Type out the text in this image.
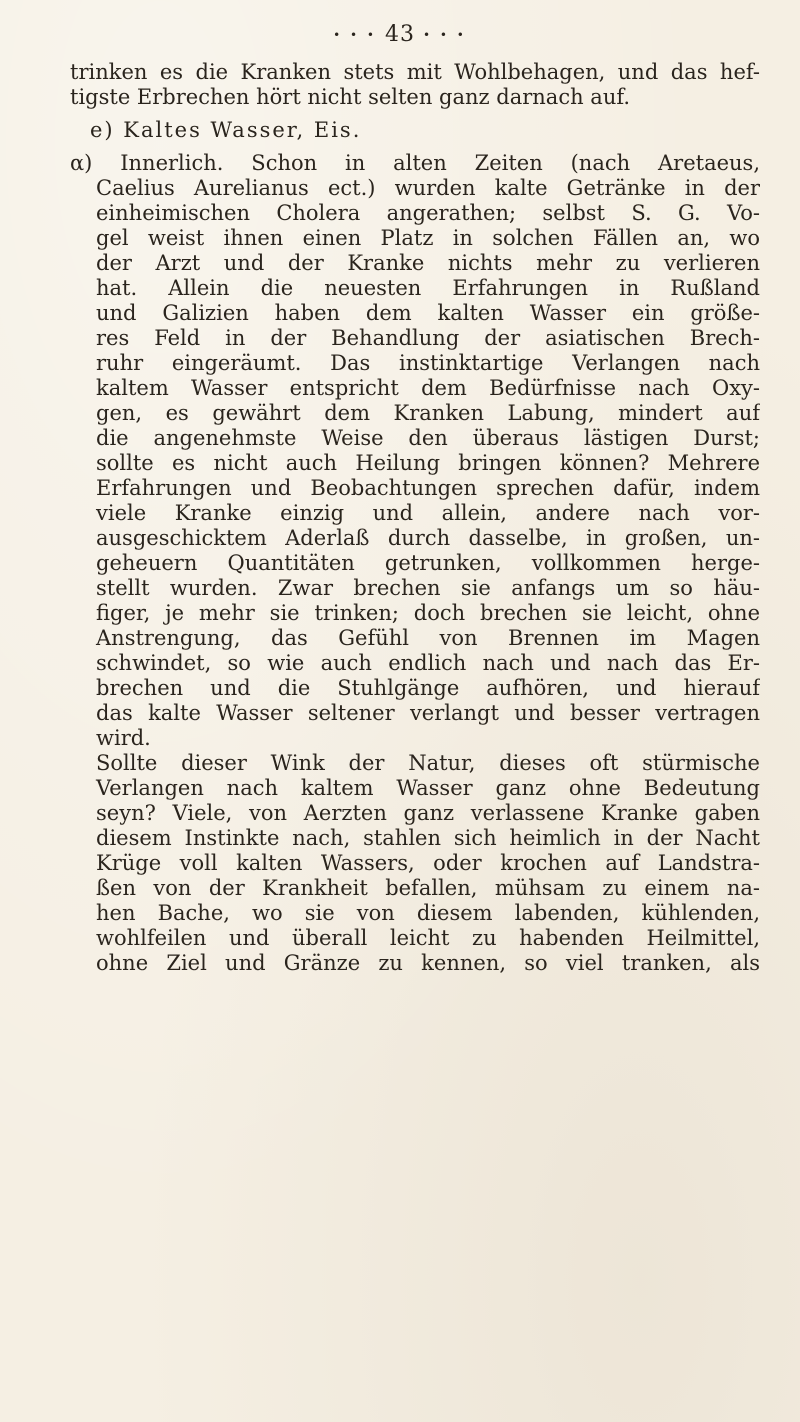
• • • 43 • • •
trinken es die Kranken stets mit Wohlbehagen, und das hef-
tigste Erbrechen hört nicht selten ganz darnach auf.
e) Kaltes Wasser, Eis.
α) Innerlich. Schon in alten Zeiten (nach Aretaeus,
Caelius Aurelianus ect.) wurden kalte Getränke in der
einheimischen Cholera angerathen; selbst S. G. Vo-
gel weist ihnen einen Platz in solchen Fällen an, wo
der Arzt und der Kranke nichts mehr zu verlieren
hat. Allein die neuesten Erfahrungen in Rußland
und Galizien haben dem kalten Wasser ein größe-
res Feld in der Behandlung der asiatischen Brech-
ruhr eingeräumt. Das instinktartige Verlangen nach
kaltem Wasser entspricht dem Bedürfnisse nach Oxy-
gen, es gewährt dem Kranken Labung, mindert auf
die angenehmste Weise den überaus lästigen Durst;
sollte es nicht auch Heilung bringen können? Mehrere
Erfahrungen und Beobachtungen sprechen dafür, indem
viele Kranke einzig und allein, andere nach vor-
ausgeschicktem Aderlaß durch dasselbe, in großen, un-
geheuern Quantitäten getrunken, vollkommen herge-
stellt wurden. Zwar brechen sie anfangs um so häu-
figer, je mehr sie trinken; doch brechen sie leicht, ohne
Anstrengung, das Gefühl von Brennen im Magen
schwindet, so wie auch endlich nach und nach das Er-
brechen und die Stuhlgänge aufhören, und hierauf
das kalte Wasser seltener verlangt und besser vertragen
wird.
Sollte dieser Wink der Natur, dieses oft stürmische
Verlangen nach kaltem Wasser ganz ohne Bedeutung
seyn? Viele, von Aerzten ganz verlassene Kranke gaben
diesem Instinkte nach, stahlen sich heimlich in der Nacht
Krüge voll kalten Wassers, oder krochen auf Landstra-
ßen von der Krankheit befallen, mühsam zu einem na-
hen Bache, wo sie von diesem labenden, kühlenden,
wohlfeilen und überall leicht zu habenden Heilmittel,
ohne Ziel und Gränze zu kennen, so viel tranken, als
